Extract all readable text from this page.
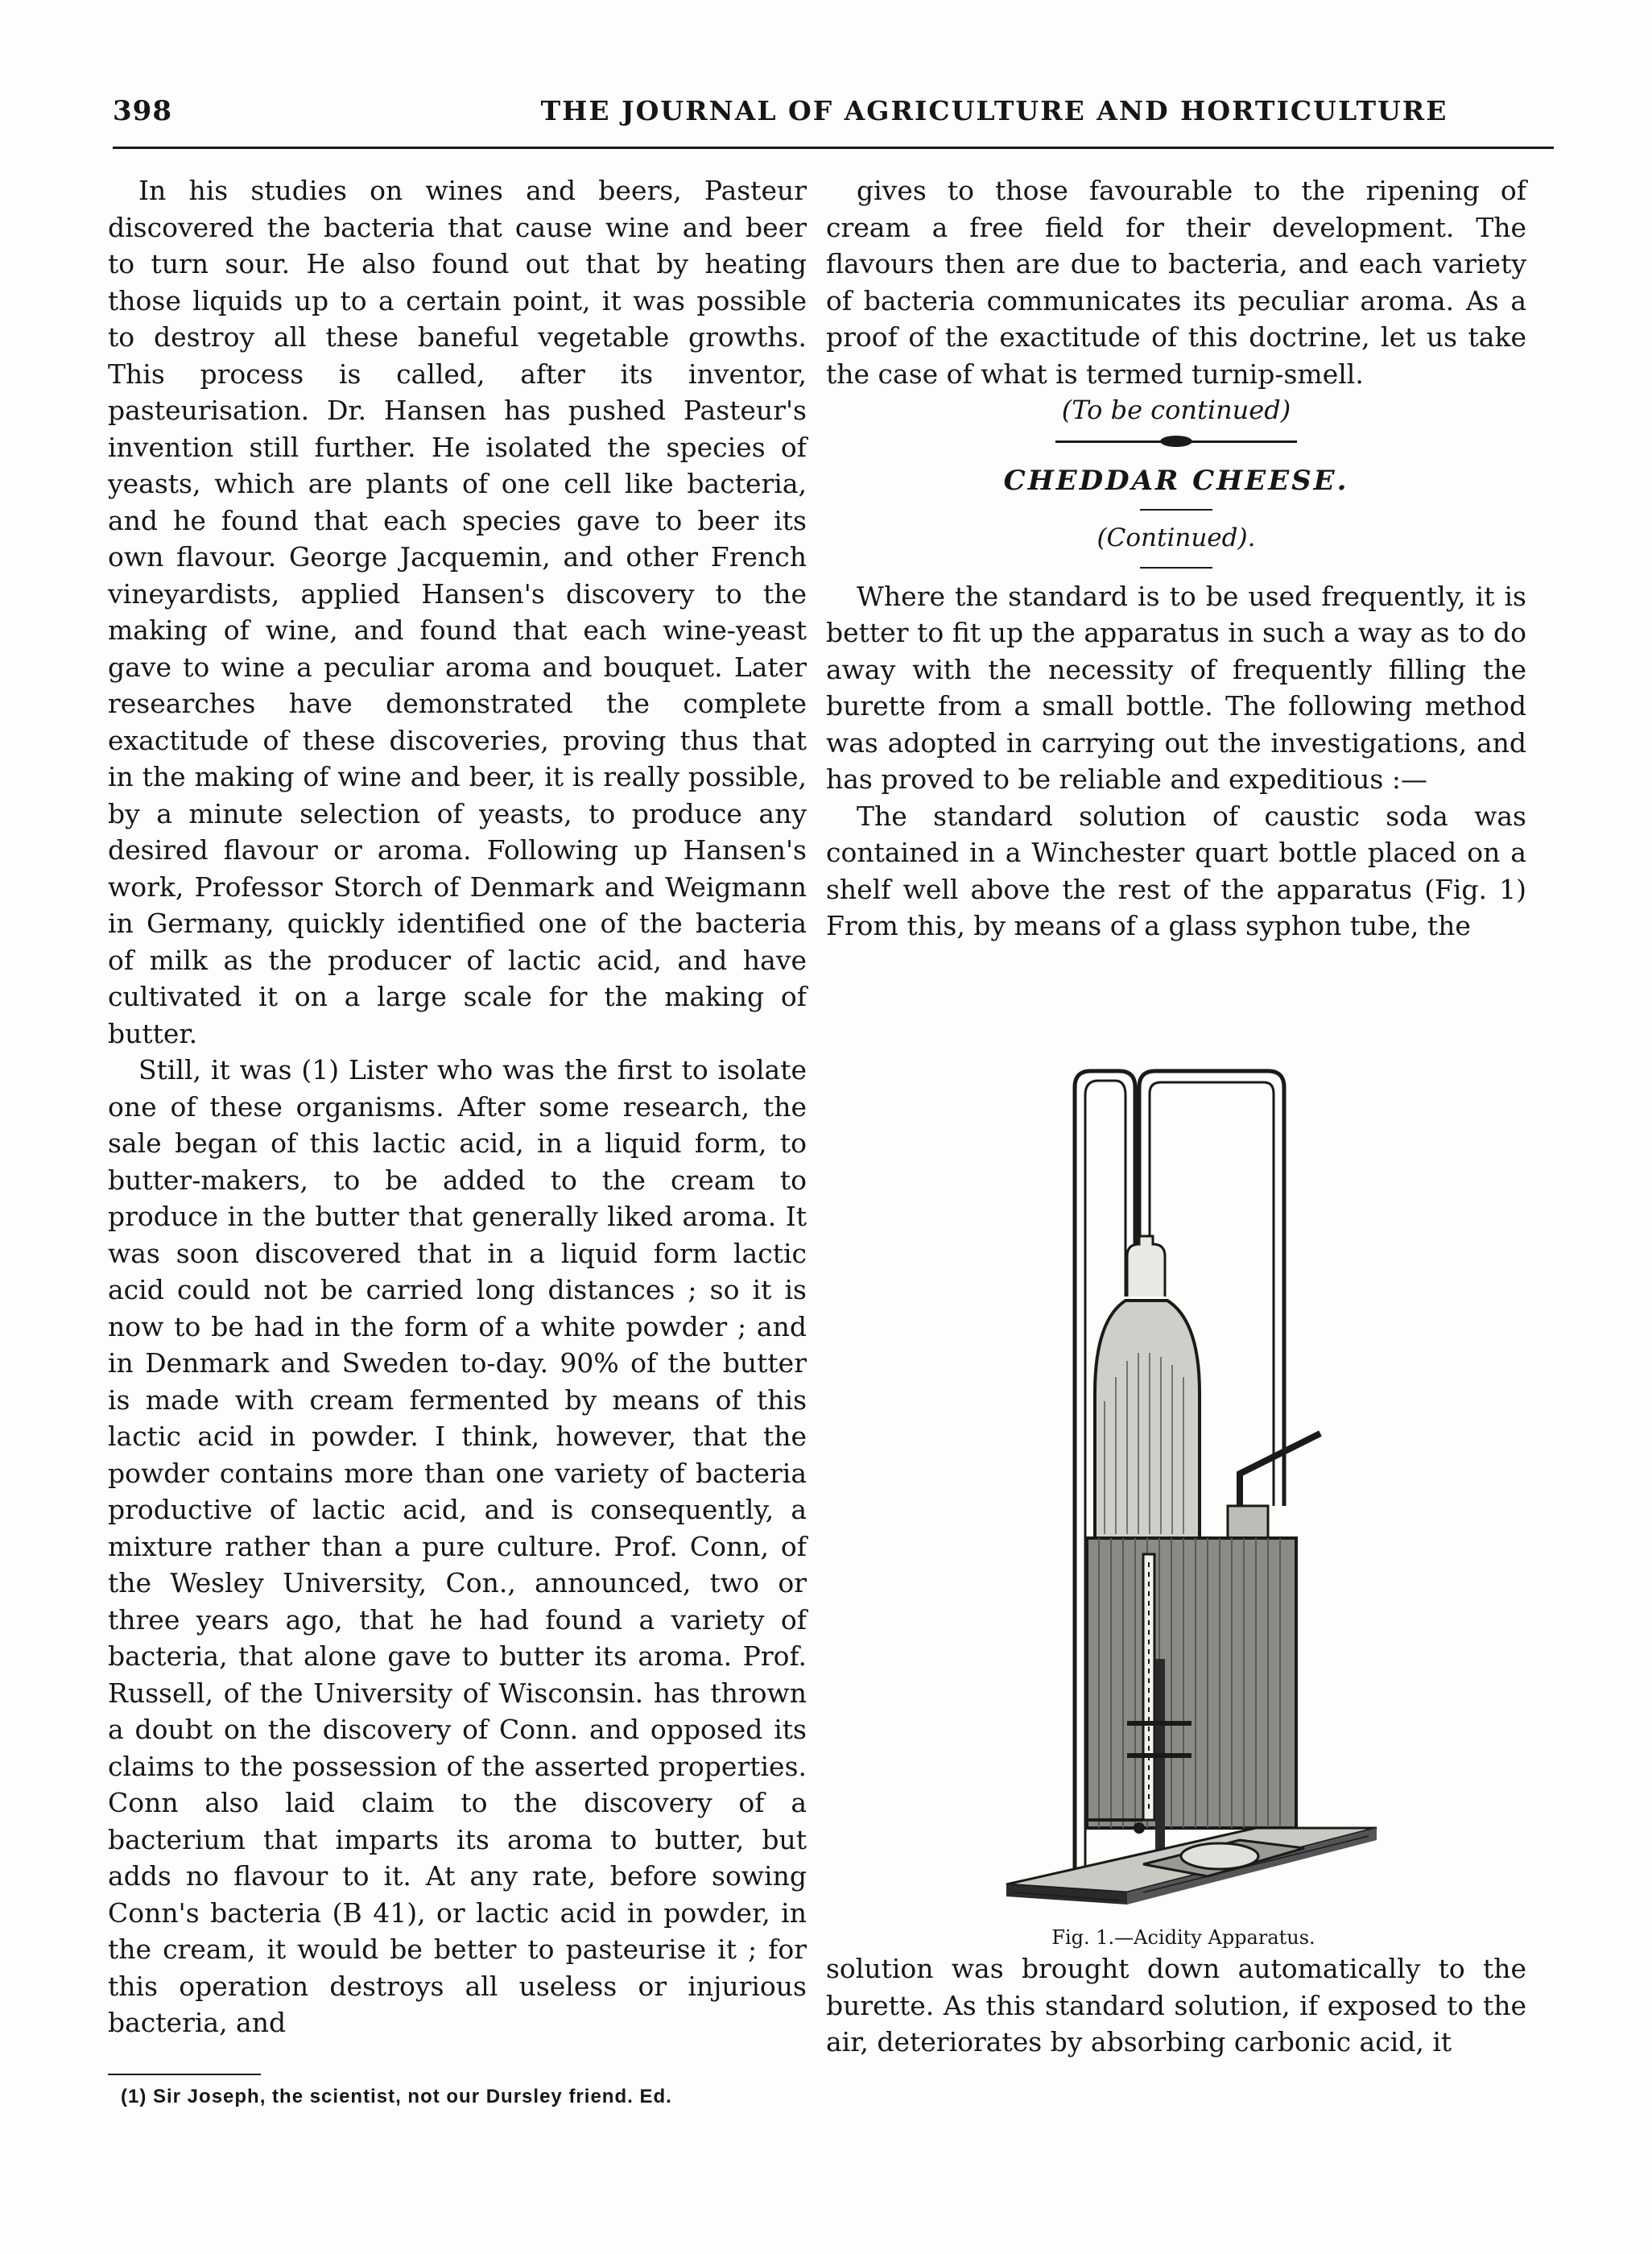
398	THE JOURNAL OF AGRICULTURE AND HORTICULTURE

In his studies on wines and beers, Pasteur discovered the bacteria that cause wine and beer to turn sour. He also found out that by heating those liquids up to a certain point, it was possible to destroy all these baneful vegetable growths. This process is called, after its inventor, pasteurisation. Dr. Hansen has pushed Pasteur's invention still further. He isolated the species of yeasts, which are plants of one cell like bacteria, and he found that each species gave to beer its own flavour. George Jacquemin, and other French vineyardists, applied Hansen's discovery to the making of wine, and found that each wine-yeast gave to wine a peculiar aroma and bouquet. Later researches have demonstrated the complete exactitude of these discoveries, proving thus that in the making of wine and beer, it is really possible, by a minute selection of yeasts, to produce any desired flavour or aroma. Following up Hansen's work, Professor Storch of Denmark and Weigmann in Germany, quickly identified one of the bacteria of milk as the producer of lactic acid, and have cultivated it on a large scale for the making of butter.

Still, it was (1) Lister who was the first to isolate one of these organisms. After some research, the sale began of this lactic acid, in a liquid form, to butter-makers, to be added to the cream to produce in the butter that generally liked aroma. It was soon discovered that in a liquid form lactic acid could not be carried long distances ; so it is now to be had in the form of a white powder ; and in Denmark and Sweden to-day. 90% of the butter is made with cream fermented by means of this lactic acid in powder. I think, however, that the powder contains more than one variety of bacteria productive of lactic acid, and is consequently, a mixture rather than a pure culture. Prof. Conn, of the Wesley University, Con., announced, two or three years ago, that he had found a variety of bacteria, that alone gave to butter its aroma. Prof. Russell, of the University of Wisconsin. has thrown a doubt on the discovery of Conn. and opposed its claims to the possession of the asserted properties. Conn also laid claim to the discovery of a bacterium that imparts its aroma to butter, but adds no flavour to it. At any rate, before sowing Conn's bacteria (B 41), or lactic acid in powder, in the cream, it would be better to pasteurise it ; for this operation destroys all useless or injurious bacteria, and

(1) Sir Joseph, the scientist, not our Dursley friend. Ed.

gives to those favourable to the ripening of cream a free field for their development. The flavours then are due to bacteria, and each variety of bacteria communicates its peculiar aroma. As a proof of the exactitude of this doctrine, let us take the case of what is termed turnip-smell.

(To be continued)

CHEDDAR CHEESE.

(Continued).

Where the standard is to be used frequently, it is better to fit up the apparatus in such a way as to do away with the necessity of frequently filling the burette from a small bottle. The following method was adopted in carrying out the investigations, and has proved to be reliable and expeditious :—

The standard solution of caustic soda was contained in a Winchester quart bottle placed on a shelf well above the rest of the apparatus (Fig. 1) From this, by means of a glass syphon tube, the

Fig. 1.—Acidity Apparatus.

solution was brought down automatically to the burette. As this standard solution, if exposed to the air, deteriorates by absorbing carbonic acid, it
